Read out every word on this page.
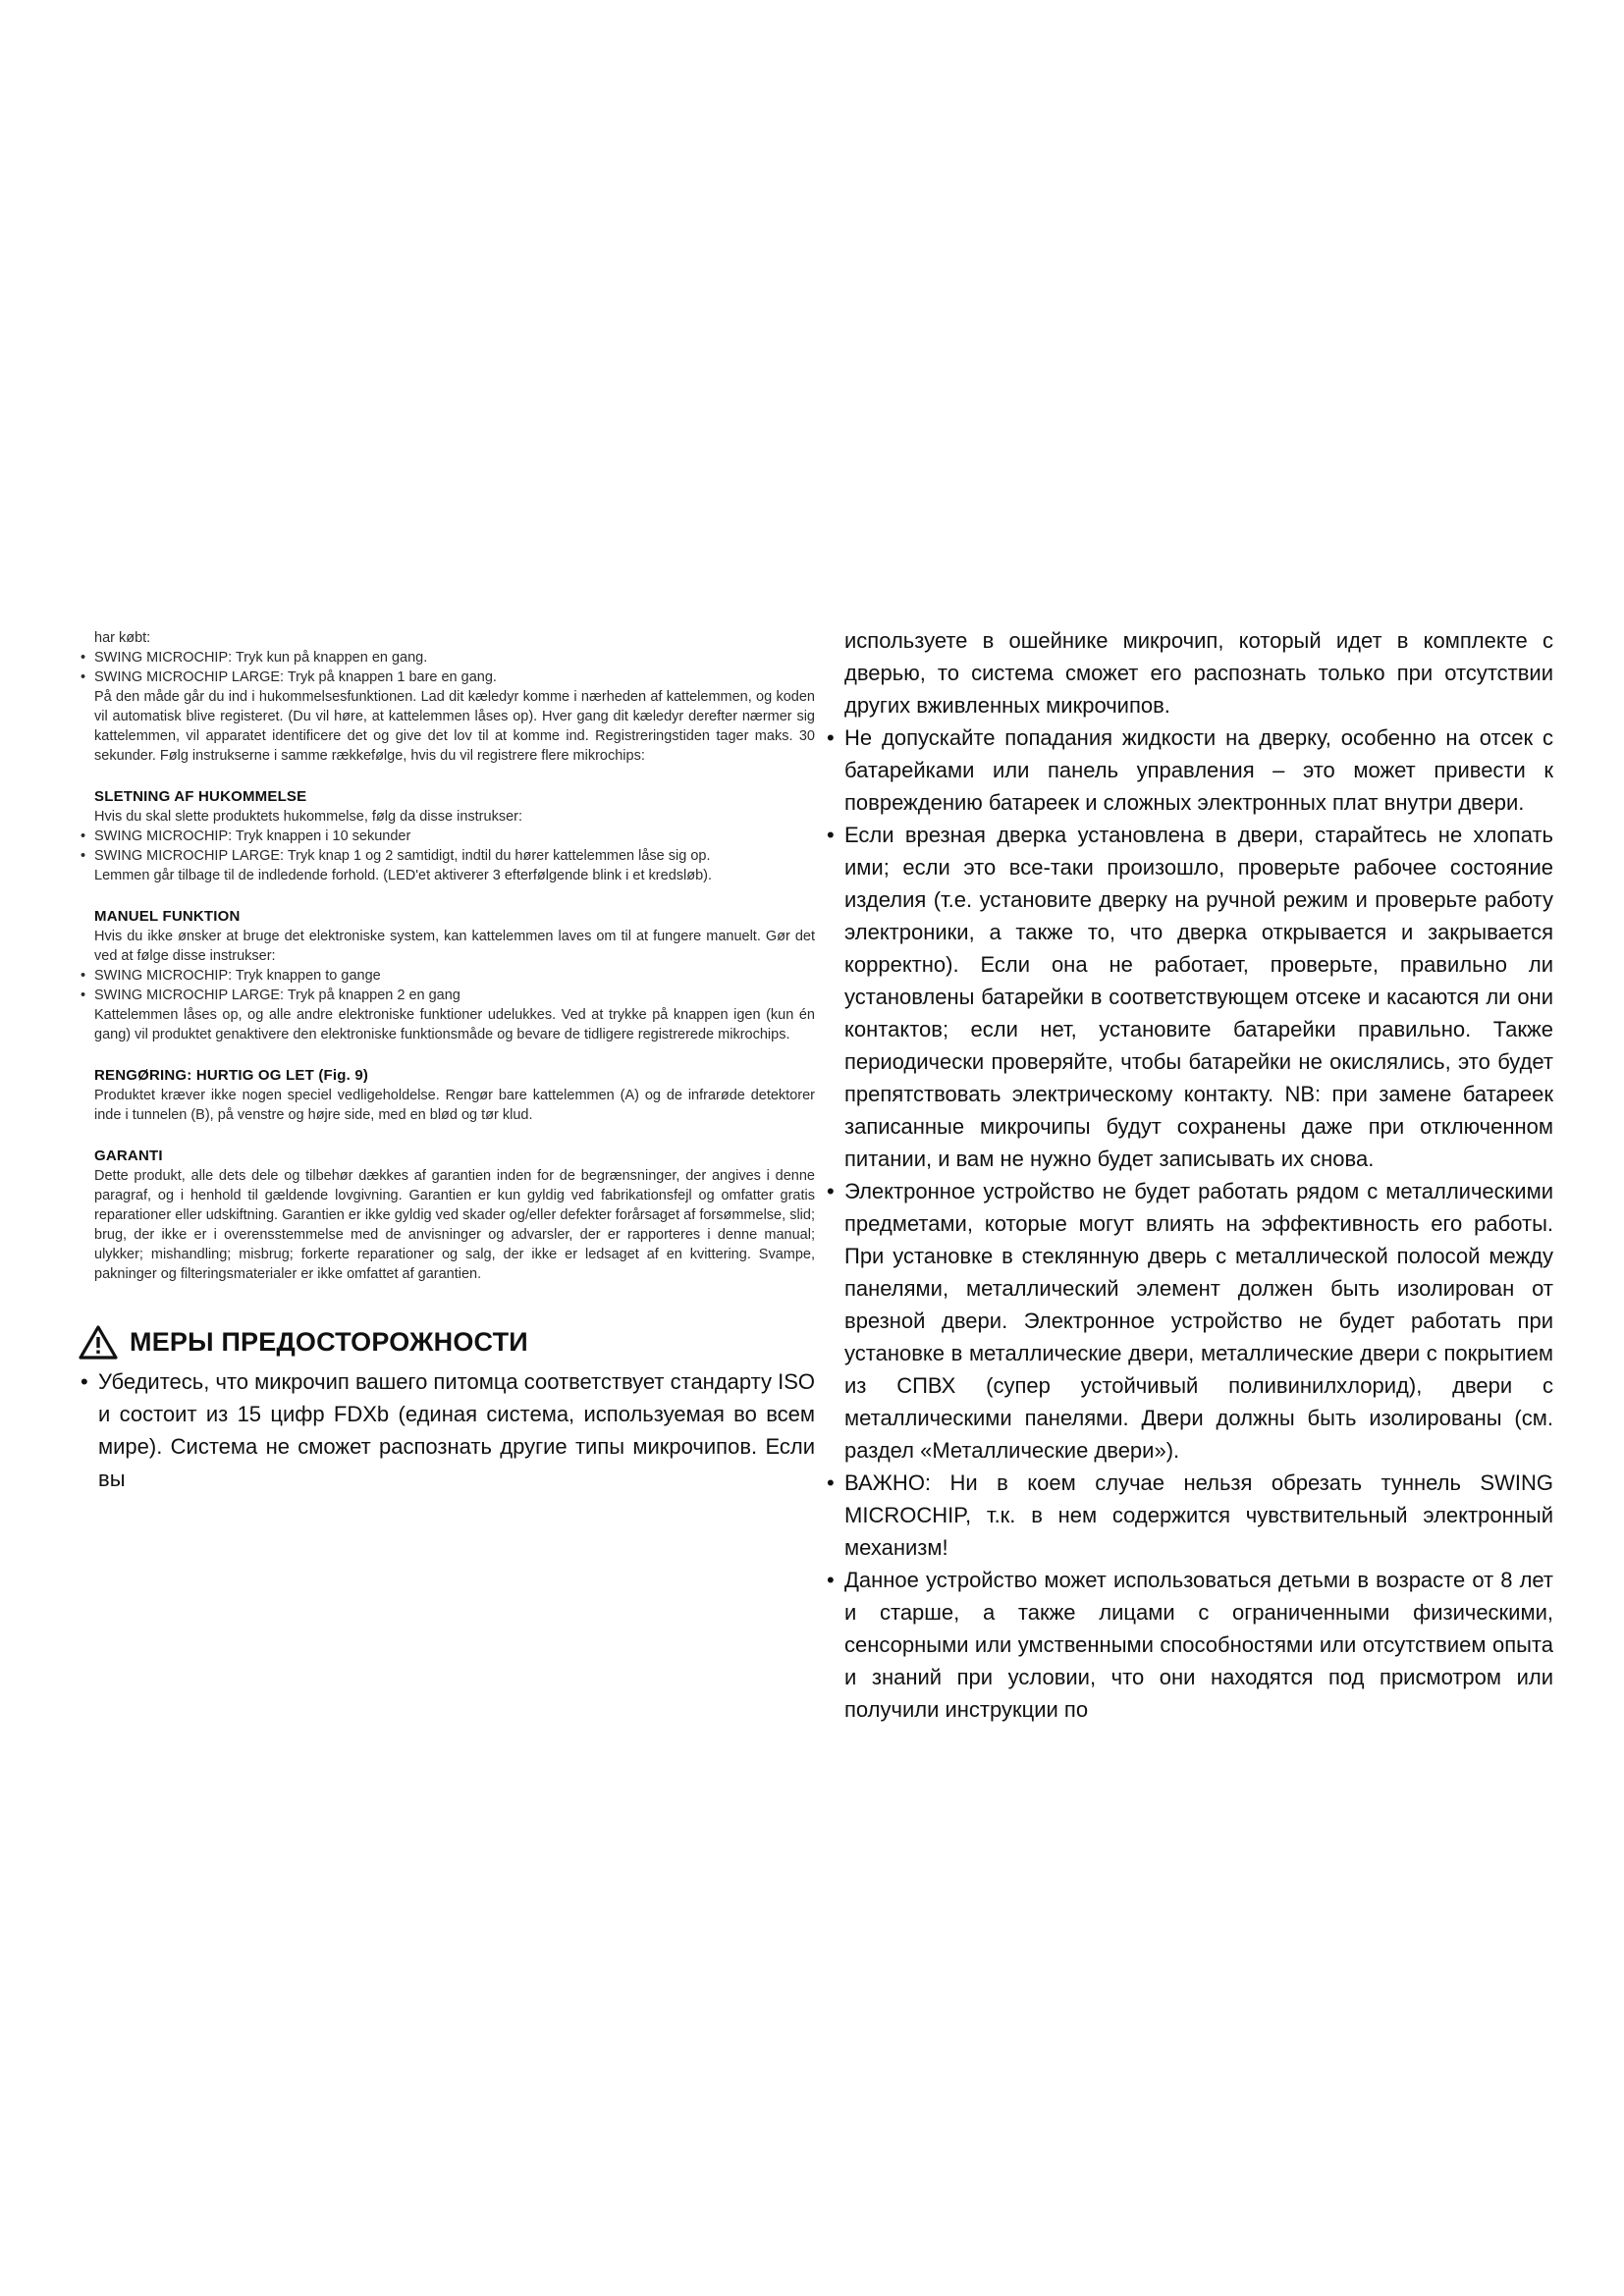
har købt:

• SWING MICROCHIP: Tryk kun på knappen en gang.
• SWING MICROCHIP LARGE: Tryk på knappen 1 bare en gang.

På den måde går du ind i hukommelsesfunktionen. Lad dit kæledyr komme i nærheden af kattelemmen, og koden vil automatisk blive registeret. (Du vil høre, at kattelemmen låses op). Hver gang dit kæledyr derefter nærmer sig kattelemmen, vil apparatet identificere det og give det lov til at komme ind. Registreringstiden tager maks. 30 sekunder. Følg instrukserne i samme rækkefølge, hvis du vil registrere flere mikrochips:

SLETNING AF HUKOMMELSE

Hvis du skal slette produktets hukommelse, følg da disse instrukser:

• SWING MICROCHIP: Tryk knappen i 10 sekunder
• SWING MICROCHIP LARGE: Tryk knap 1 og 2 samtidigt, indtil du hører kattelemmen låse sig op.

Lemmen går tilbage til de indledende forhold. (LED'et aktiverer 3 efterfølgende blink i et kredsløb).

MANUEL FUNKTION

Hvis du ikke ønsker at bruge det elektroniske system, kan kattelemmen laves om til at fungere manuelt. Gør det ved at følge disse instrukser:

• SWING MICROCHIP: Tryk knappen to gange
• SWING MICROCHIP LARGE: Tryk på knappen 2 en gang

Kattelemmen låses op, og alle andre elektroniske funktioner udelukkes. Ved at trykke på knappen igen (kun én gang) vil produktet genaktivere den elektroniske funktionsmåde og bevare de tidligere registrerede mikrochips.

RENGØRING: HURTIG OG LET (Fig. 9)

Produktet kræver ikke nogen speciel vedligeholdelse. Rengør bare kattelemmen (A) og de infrarøde detektorer inde i tunnelen (B), på venstre og højre side, med en blød og tør klud.

GARANTI

Dette produkt, alle dets dele og tilbehør dækkes af garantien inden for de begrænsninger, der angives i denne paragraf, og i henhold til gældende lovgivning. Garantien er kun gyldig ved fabrikationsfejl og omfatter gratis reparationer eller udskiftning. Garantien er ikke gyldig ved skader og/eller defekter forårsaget af forsømmelse, slid; brug, der ikke er i overensstemmelse med de anvisninger og advarsler, der er rapporteres i denne manual; ulykker; mishandling; misbrug; forkerte reparationer og salg, der ikke er ledsaget af en kvittering. Svampe, pakninger og filteringsmaterialer er ikke omfattet af garantien.

МЕРЫ ПРЕДОСТОРОЖНОСТИ
• Убедитесь, что микрочип вашего питомца соответствует стандарту ISO и состоит из 15 цифр FDXb (единая система, используемая во всем мире). Система не сможет распознать другие типы микрочипов. Если вы

используете в ошейнике микрочип, который идет в комплекте с дверью, то система сможет его распознать только при отсутствии других вживленных микрочипов.

• Не допускайте попадания жидкости на дверку, особенно на отсек с батарейками или панель управления – это может привести к повреждению батареек и сложных электронных плат внутри двери.
• Если врезная дверка установлена в двери, старайтесь не хлопать ими; если это все-таки произошло, проверьте рабочее состояние изделия (т.е. установите дверку на ручной режим и проверьте работу электроники, а также то, что дверка открывается и закрывается корректно). Если она не работает, проверьте, правильно ли установлены батарейки в соответствующем отсеке и касаются ли они контактов; если нет, установите батарейки правильно. Также периодически проверяйте, чтобы батарейки не окислялись, это будет препятствовать электрическому контакту. NB: при замене батареек записанные микрочипы будут сохранены даже при отключенном питании, и вам не нужно будет записывать их снова.
• Электронное устройство не будет работать рядом с металлическими предметами, которые могут влиять на эффективность его работы. При установке в стеклянную дверь с металлической полосой между панелями, металлический элемент должен быть изолирован от врезной двери. Электронное устройство не будет работать при установке в металлические двери, металлические двери с покрытием из СПВХ (супер устойчивый поливинилхлорид), двери с металлическими панелями. Двери должны быть изолированы (см. раздел «Металлические двери»).
• ВАЖНО: Ни в коем случае нельзя обрезать туннель SWING MICROCHIP, т.к. в нем содержится чувствительный электронный механизм!
• Данное устройство может использоваться детьми в возрасте от 8 лет и старше, а также лицами с ограниченными физическими, сенсорными или умственными способностями или отсутствием опыта и знаний при условии, что они находятся под присмотром или получили инструкции по
